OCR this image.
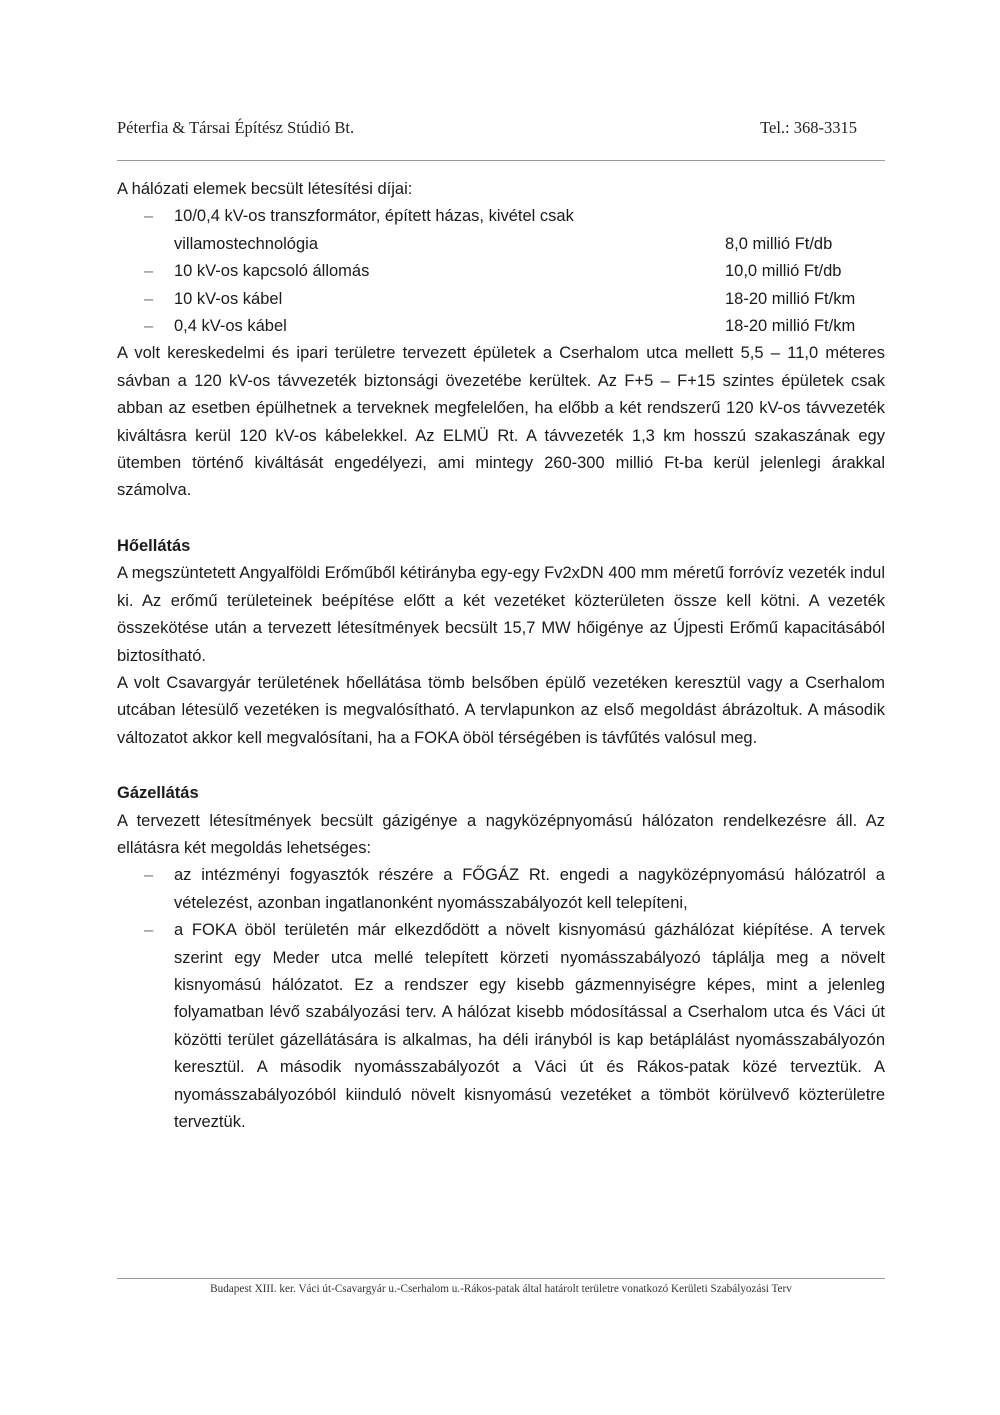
Péterfia & Társai Építész Stúdió Bt.	Tel.: 368-3315

A hálózati elemek becsült létesítési díjai:

– 10/0,4 kV-os transzformátor, épített házas, kivétel csak
villamostechnológia	8,0 millió Ft/db
– 10 kV-os kapcsoló állomás	10,0 millió Ft/db
– 10 kV-os kábel	18-20 millió Ft/km
– 0,4 kV-os kábel	18-20 millió Ft/km

A volt kereskedelmi és ipari területre tervezett épületek a Cserhalom utca mellett 5,5 – 11,0 méteres sávban a 120 kV-os távvezeték biztonsági övezetébe kerültek. Az F+5 – F+15 szintes épületek csak abban az esetben épülhetnek a terveknek megfelelően, ha előbb a két rendszerű 120 kV-os távvezeték kiváltásra kerül 120 kV-os kábelekkel. Az ELMÜ Rt. A távvezeték 1,3 km hosszú szakaszának egy ütemben történő kiváltását engedélyezi, ami mintegy 260-300 millió Ft-ba kerül jelenlegi árakkal számolva.

Hőellátás

A megszüntetett Angyalföldi Erőműből kétirányba egy-egy Fv2xDN 400 mm méretű forróvíz vezeték indul ki. Az erőmű területeinek beépítése előtt a két vezetéket közterületen össze kell kötni. A vezeték összekötése után a tervezett létesítmények becsült 15,7 MW hőigénye az Újpesti Erőmű kapacitásából biztosítható.

A volt Csavargyár területének hőellátása tömb belsőben épülő vezetéken keresztül vagy a Cserhalom utcában létesülő vezetéken is megvalósítható. A tervlapunkon az első megoldást ábrázoltuk. A második változatot akkor kell megvalósítani, ha a FOKA öböl térségében is távfűtés valósul meg.

Gázellátás

A tervezett létesítmények becsült gázigénye a nagyközépnyomású hálózaton rendelkezésre áll. Az ellátásra két megoldás lehetséges:

– az intézményi fogyasztók részére a FŐGÁZ Rt. engedi a nagyközépnyomású hálózatról a vételezést, azonban ingatlanonként nyomásszabályozót kell telepíteni,
– a FOKA öböl területén már elkezdődött a növelt kisnyomású gázhálózat kiépítése. A tervek szerint egy Meder utca mellé telepített körzeti nyomásszabályozó táplálja meg a növelt kisnyomású hálózatot. Ez a rendszer egy kisebb gázmennyiségre képes, mint a jelenleg folyamatban lévő szabályozási terv. A hálózat kisebb módosítással a Cserhalom utca és Váci út közötti terület gázellátására is alkalmas, ha déli irányból is kap betáplálást nyomásszabályozón keresztül. A második nyomásszabályozót a Váci út és Rákos-patak közé terveztük. A nyomásszabályozóból kiinduló növelt kisnyomású vezetéket a tömböt körülvevő közterületre terveztük.
Budapest XIII. ker. Váci út-Csavargyár u.-Cserhalom u.-Rákos-patak által határolt területre vonatkozó Kerületi Szabályozási Terv
